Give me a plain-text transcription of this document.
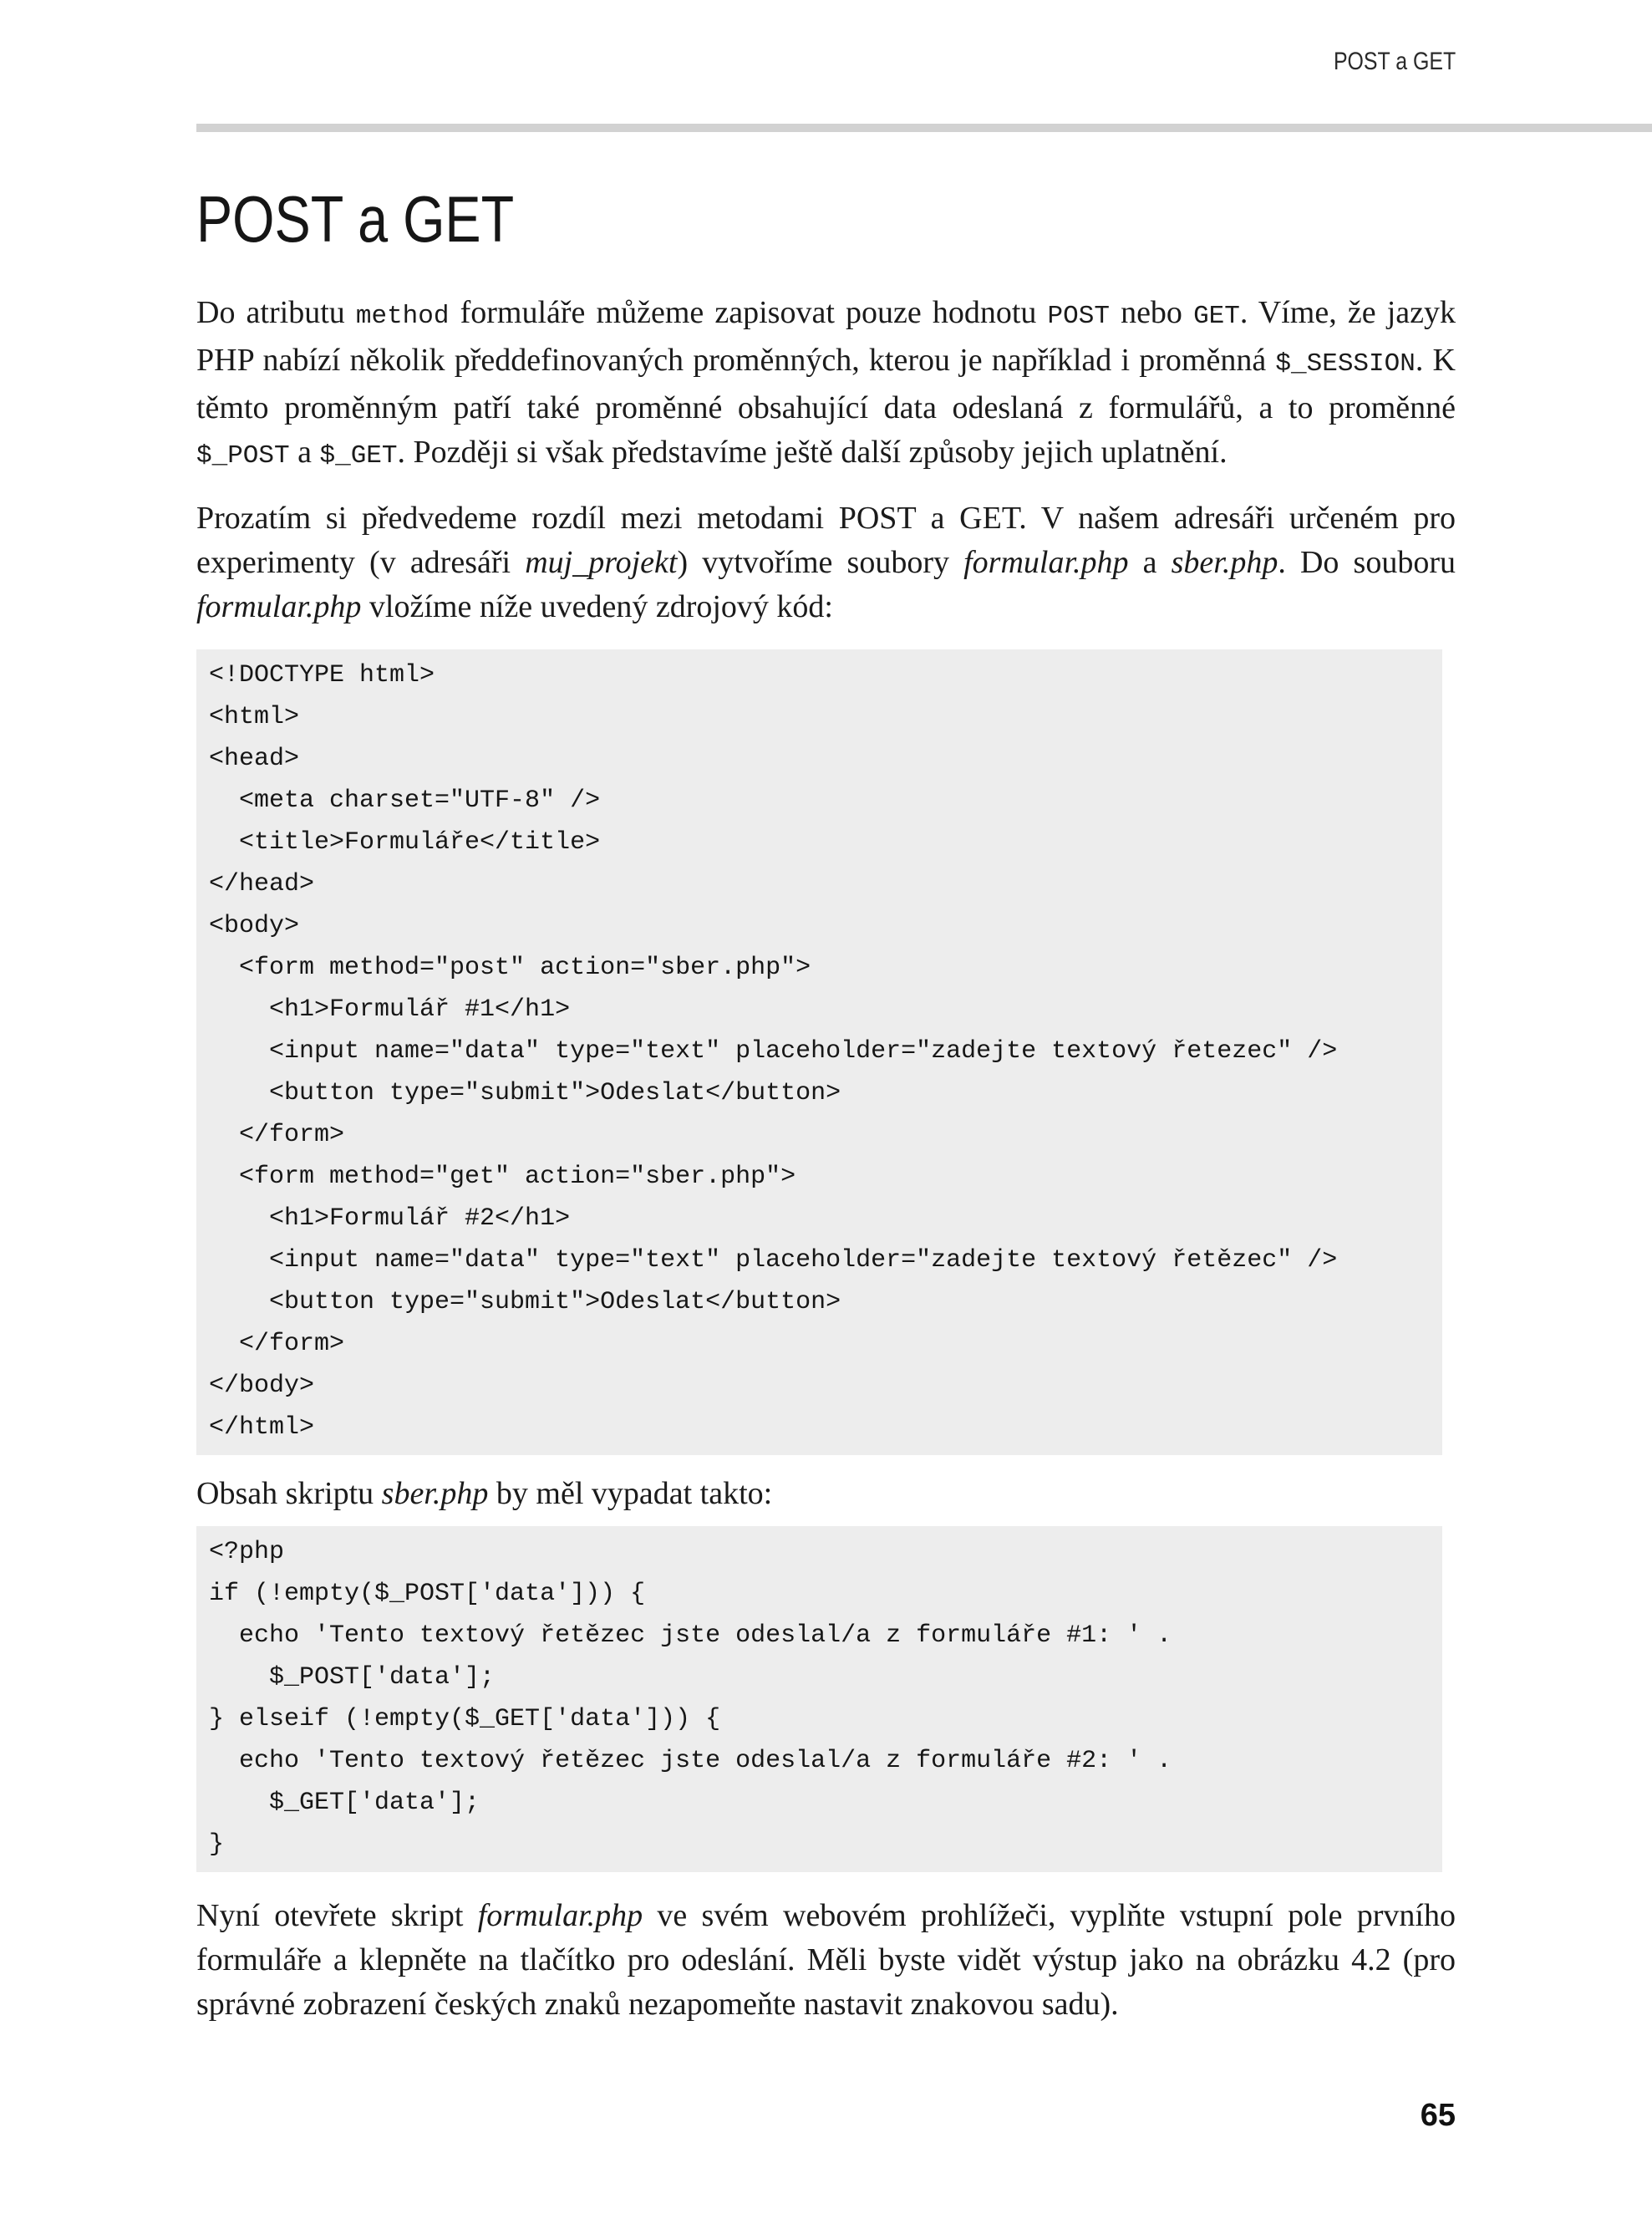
POST a GET
POST a GET

Do atributu method formuláře můžeme zapisovat pouze hodnotu POST nebo GET. Víme, že jazyk PHP nabízí několik předdefinovaných proměnných, kterou je například i proměnná $_SESSION. K těmto proměnným patří také proměnné obsahující data odeslaná z formulářů, a to proměnné $_POST a $_GET. Později si však představíme ještě další způsoby jejich uplatnění.

Prozatím si předvedeme rozdíl mezi metodami POST a GET. V našem adresáři určeném pro experimenty (v adresáři muj_projekt) vytvoříme soubory formular.php a sber.php. Do souboru formular.php vložíme níže uvedený zdrojový kód:

<!DOCTYPE html>
<html>
<head>
<meta charset="UTF-8" />
<title>Formuláře</title>
</head>
<body>
<form method="post" action="sber.php">
<h1>Formulář #1</h1>
<input name="data" type="text" placeholder="zadejte textový řetezec" />
<button type="submit">Odeslat</button>
</form>
<form method="get" action="sber.php">
<h1>Formulář #2</h1>
<input name="data" type="text" placeholder="zadejte textový řetězec" />
<button type="submit">Odeslat</button>
</form>
</body>
</html>

Obsah skriptu sber.php by měl vypadat takto:

<?php
if (!empty($_POST['data'])) {
echo 'Tento textový řetězec jste odeslal/a z formuláře #1: ' .
$_POST['data'];
} elseif (!empty($_GET['data'])) {
echo 'Tento textový řetězec jste odeslal/a z formuláře #2: ' .
$_GET['data'];
}

Nyní otevřete skript formular.php ve svém webovém prohlížeči, vyplňte vstupní pole prvního formuláře a klepněte na tlačítko pro odeslání. Měli byste vidět výstup jako na obrázku 4.2 (pro správné zobrazení českých znaků nezapomeňte nastavit znakovou sadu).

65
